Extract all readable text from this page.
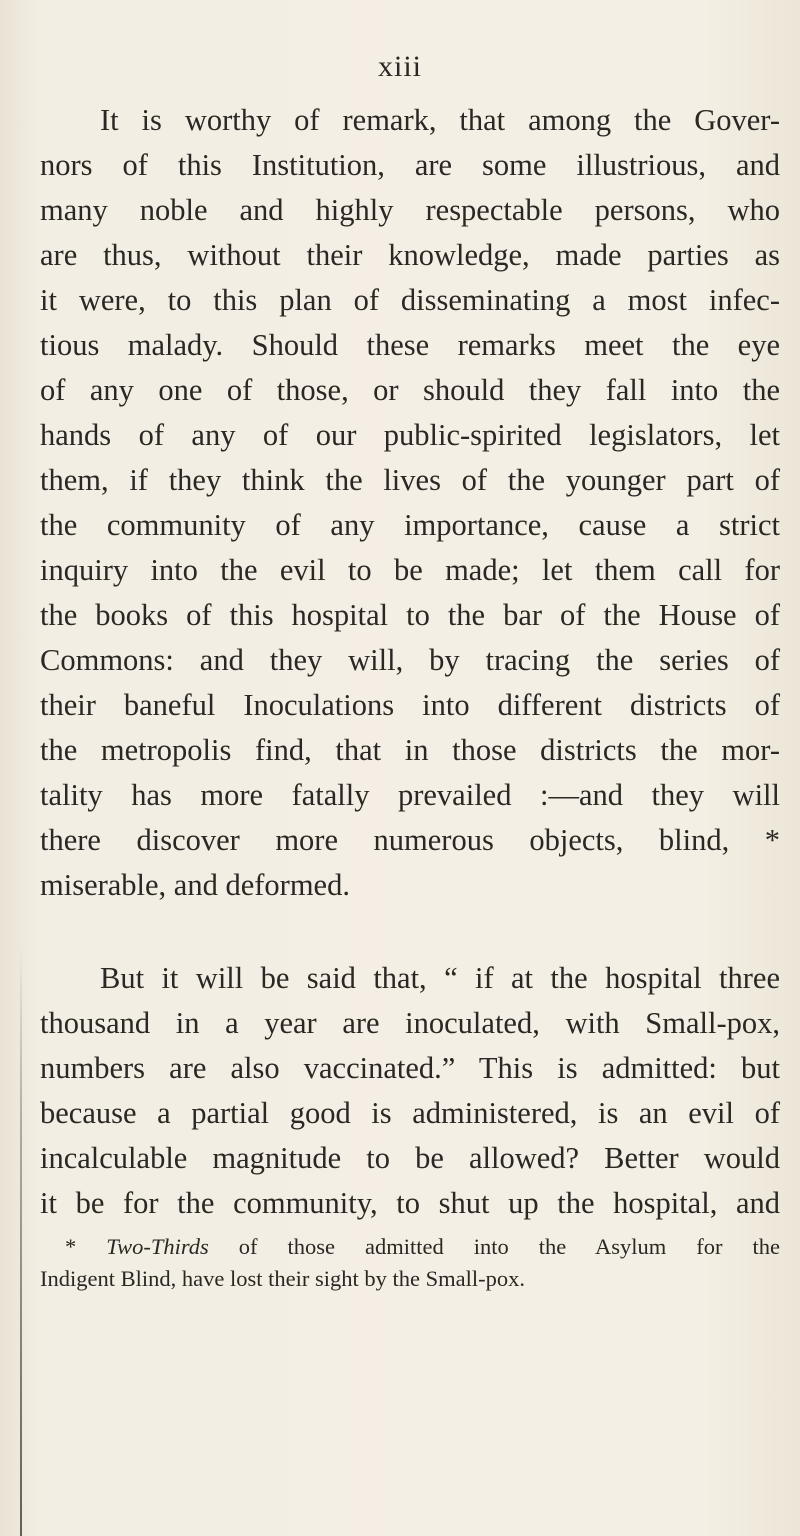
xiii
It is worthy of remark, that among the Gover-
nors of this Institution, are some illustrious, and
many noble and highly respectable persons, who
are thus, without their knowledge, made parties as
it were, to this plan of disseminating a most infec-
tious malady. Should these remarks meet the eye
of any one of those, or should they fall into the
hands of any of our public-spirited legislators, let
them, if they think the lives of the younger part of
the community of any importance, cause a strict
inquiry into the evil to be made; let them call for
the books of this hospital to the bar of the House of
Commons: and they will, by tracing the series of
their baneful Inoculations into different districts of
the metropolis find, that in those districts the mor-
tality has more fatally prevailed :—and they will
there discover more numerous objects, blind, *
miserable, and deformed.
But it will be said that, “ if at the hospital three
thousand in a year are inoculated, with Small-pox,
numbers are also vaccinated.” This is admitted: but
because a partial good is administered, is an evil of
incalculable magnitude to be allowed? Better would
it be for the community, to shut up the hospital, and
* Two-Thirds of those admitted into the Asylum for the
Indigent Blind, have lost their sight by the Small-pox.
